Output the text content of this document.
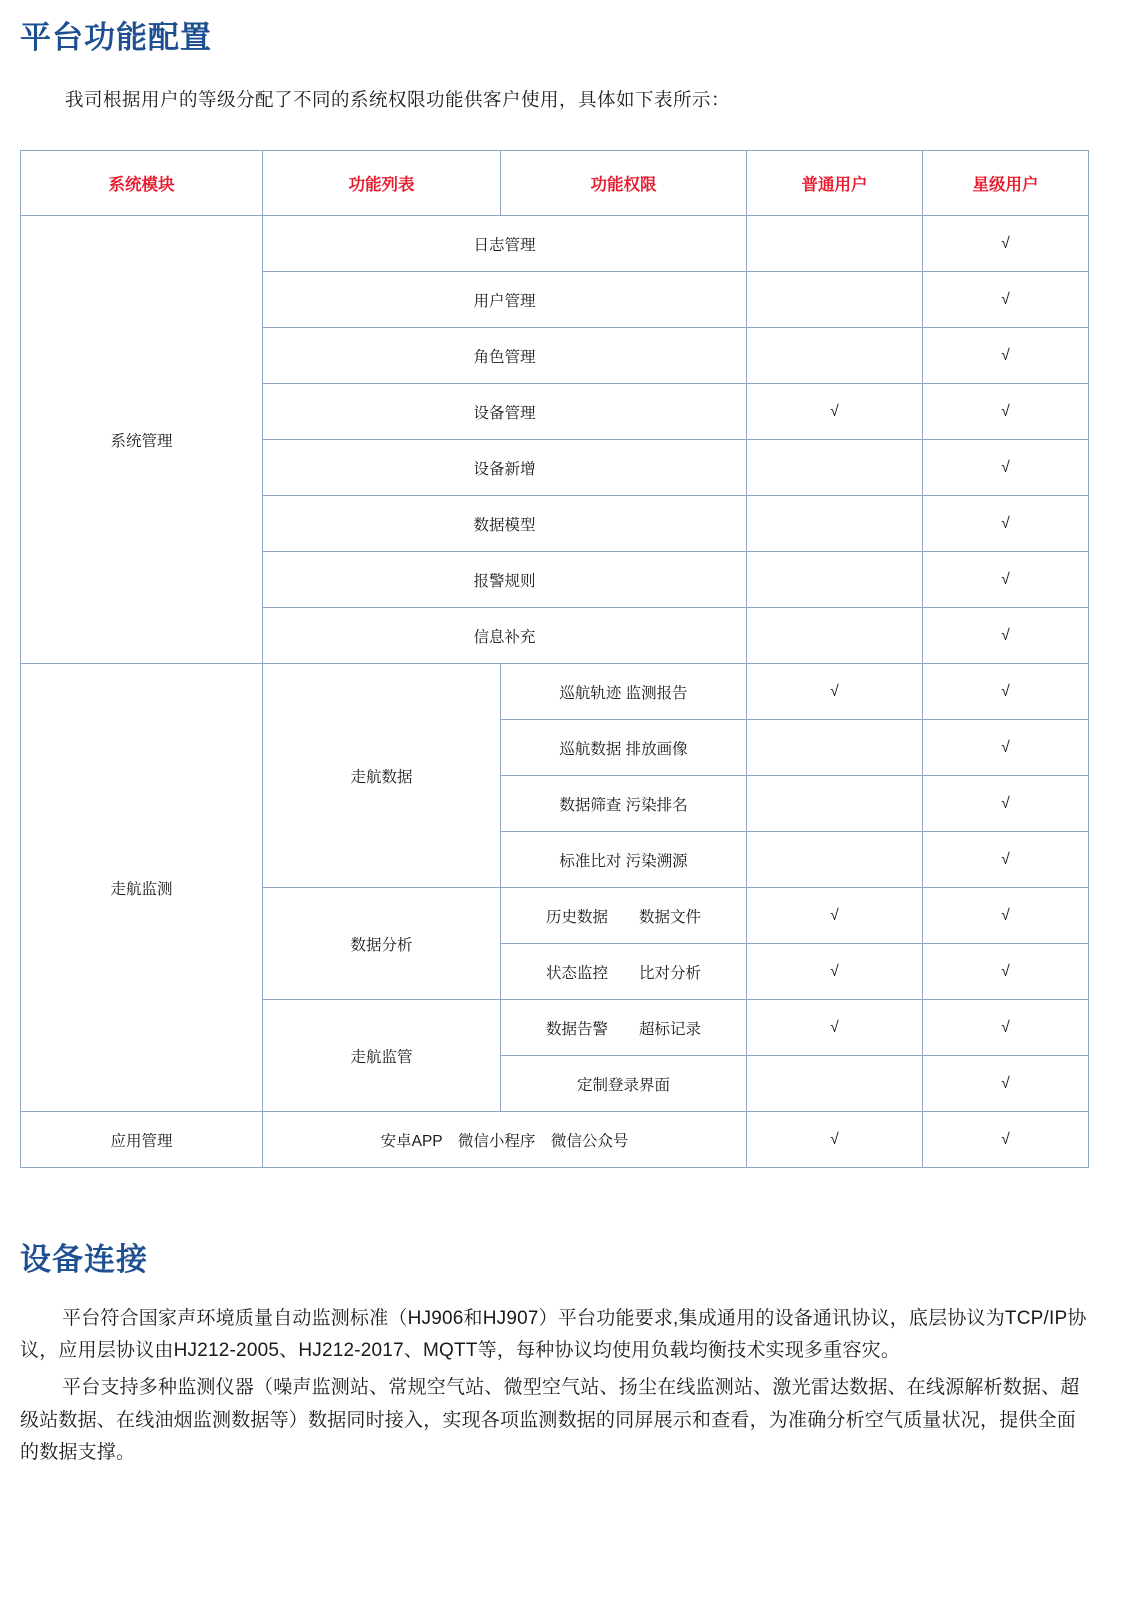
平台功能配置

我司根据用户的等级分配了不同的系统权限功能供客户使用，具体如下表所示：

系统模块	功能列表	功能权限	普通用户	星级用户
系统管理	日志管理			√
	用户管理			√
	角色管理			√
	设备管理		√	√
	设备新增			√
	数据模型			√
	报警规则			√
	信息补充			√
走航监测	走航数据	巡航轨迹 监测报告	√	√
		巡航数据 排放画像		√
		数据筛查 污染排名		√
		标准比对 污染溯源		√
	数据分析	历史数据　　数据文件	√	√
		状态监控　　比对分析	√	√
	走航监管	数据告警　　超标记录	√	√
		定制登录界面		√
应用管理	安卓APP　微信小程序　微信公众号		√	√
设备连接

平台符合国家声环境质量自动监测标准（HJ906和HJ907）平台功能要求,集成通用的设备通讯协议，底层协议为TCP/IP协议，应用层协议由HJ212-2005、HJ212-2017、MQTT等，每种协议均使用负载均衡技术实现多重容灾。

平台支持多种监测仪器（噪声监测站、常规空气站、微型空气站、扬尘在线监测站、激光雷达数据、在线源解析数据、超级站数据、在线油烟监测数据等）数据同时接入，实现各项监测数据的同屏展示和查看，为准确分析空气质量状况，提供全面的数据支撑。
